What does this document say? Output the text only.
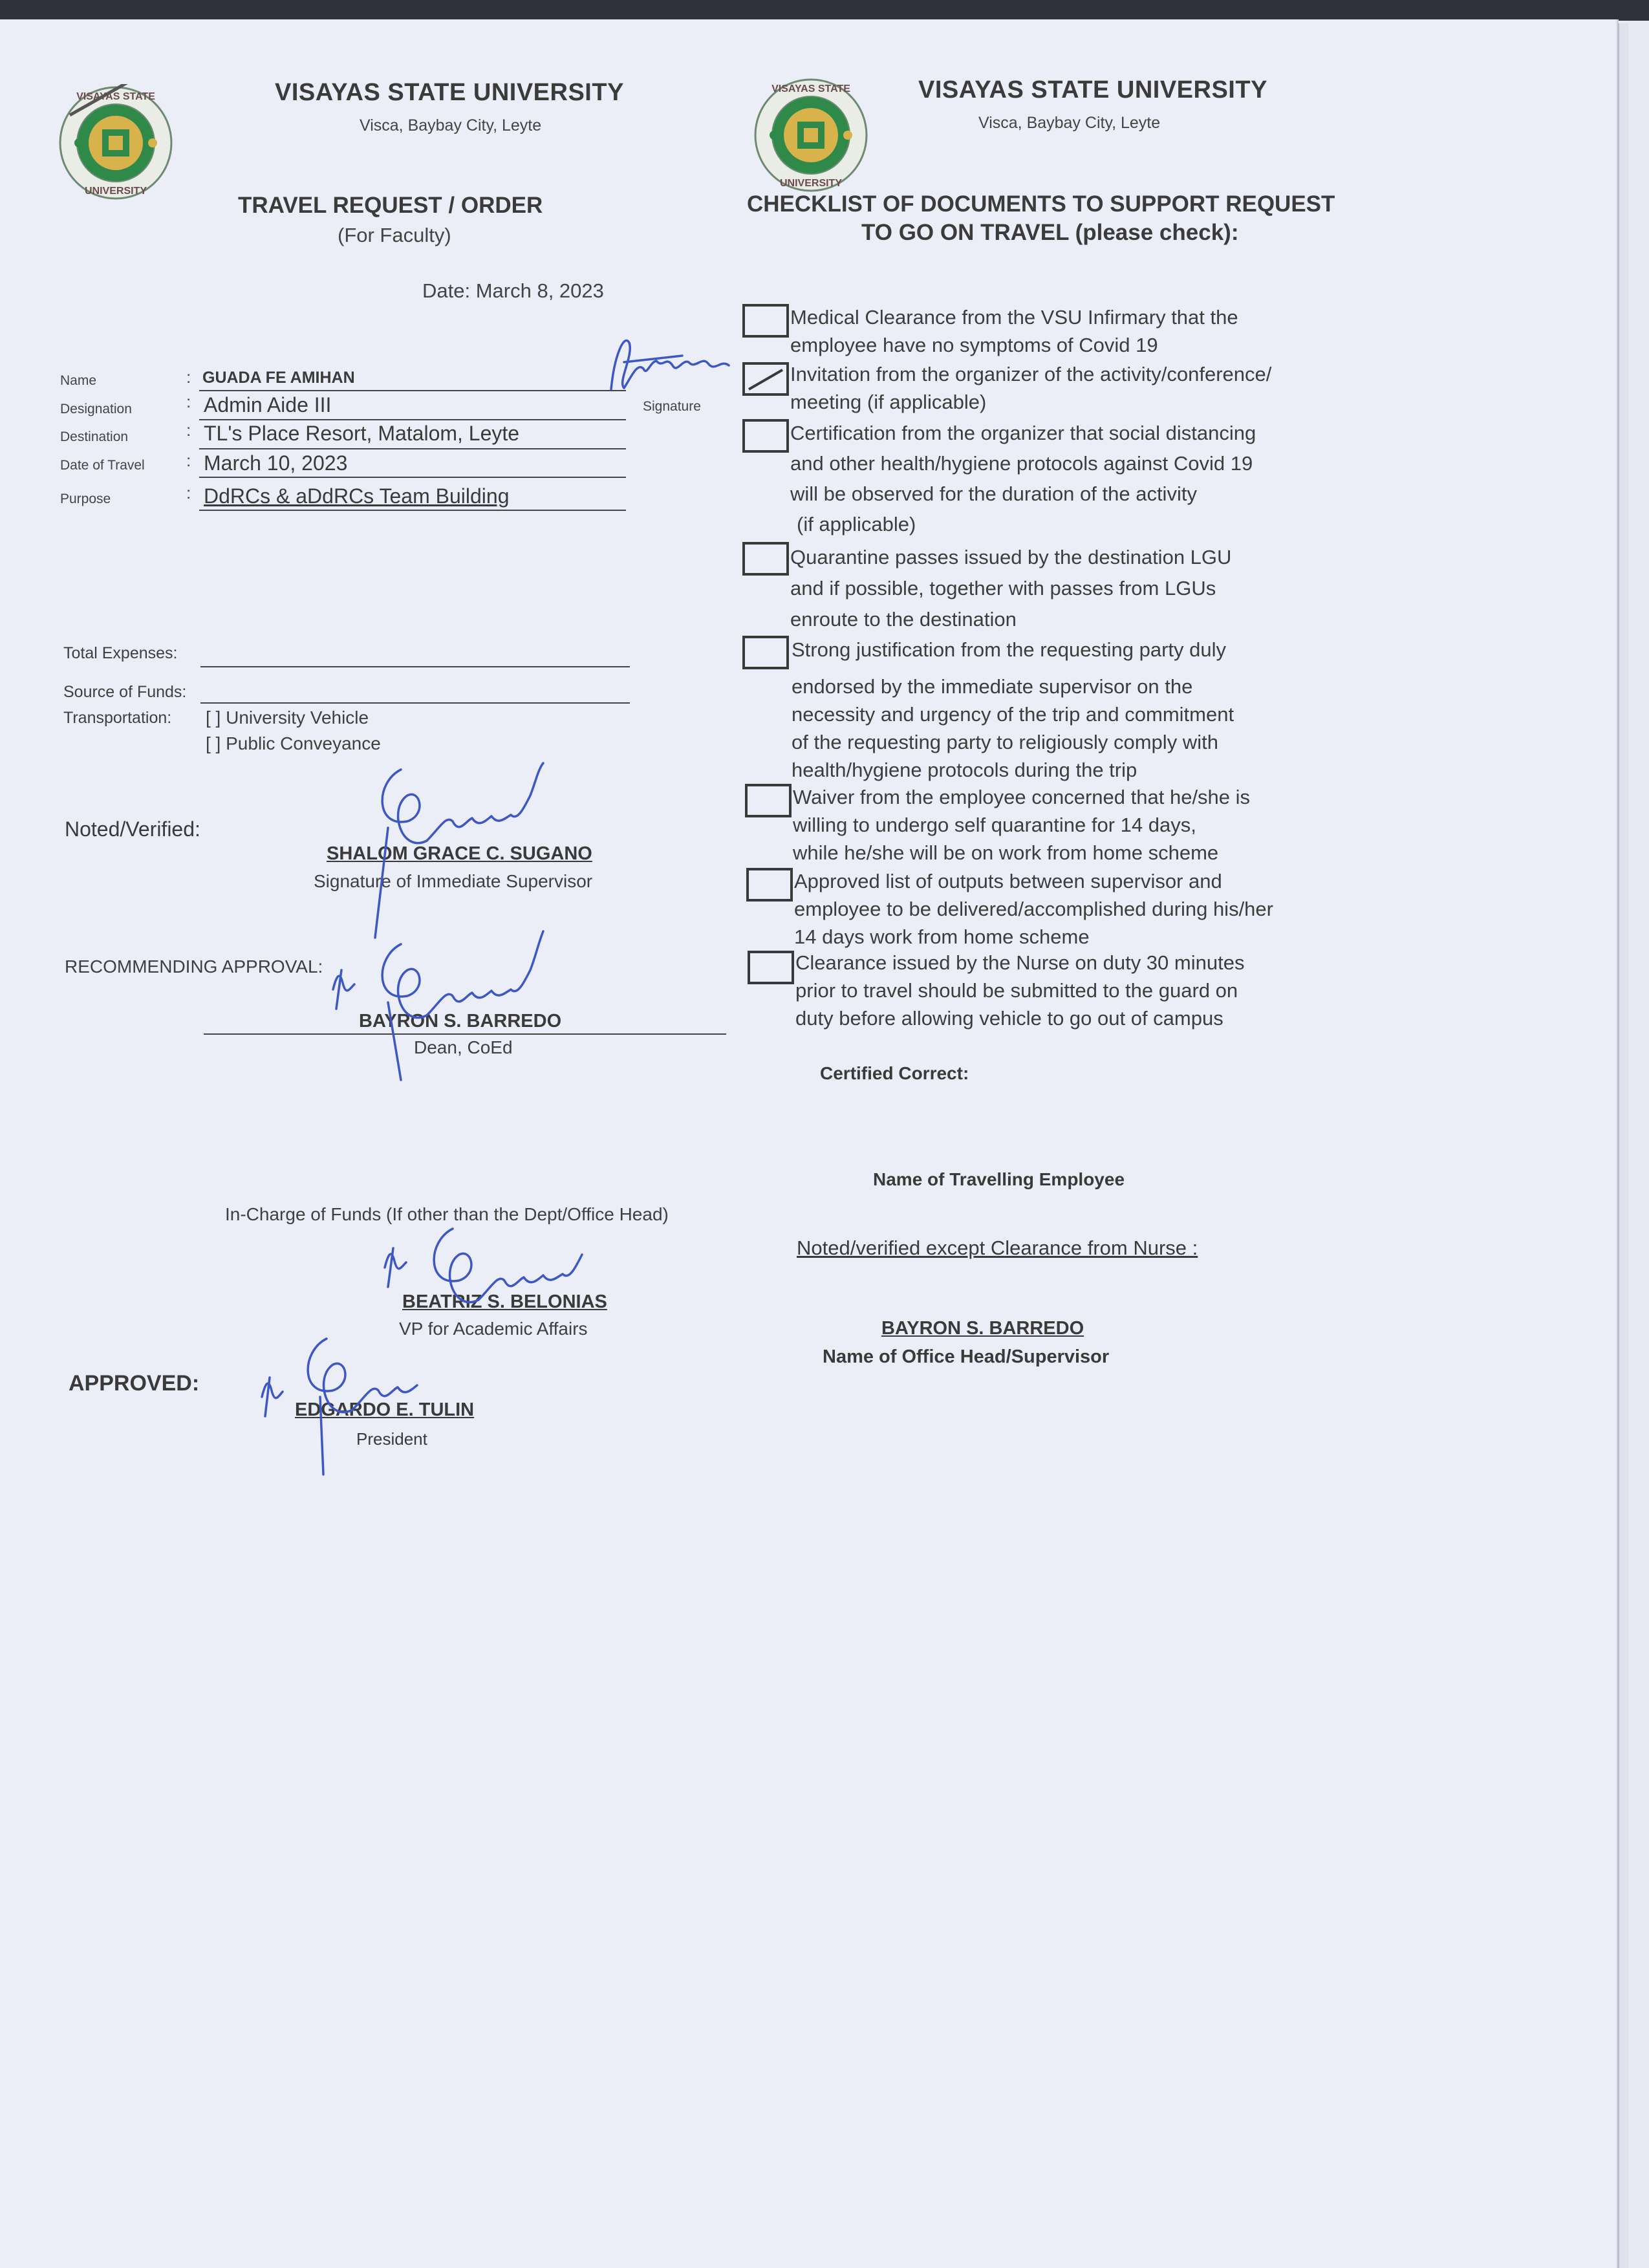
VISAYAS STATE
UNIVERSITY
VISAYAS STATE UNIVERSITY
Visca, Baybay City, Leyte
TRAVEL REQUEST / ORDER
(For Faculty)
Date: March 8, 2023
VISAYAS STATE
UNIVERSITY
VISAYAS STATE UNIVERSITY
Visca, Baybay City, Leyte
CHECKLIST OF DOCUMENTS TO SUPPORT REQUEST
TO GO ON TRAVEL (please check):
Name	: GUADA FE AMIHAN
Signature
Designation	: Admin Aide III
Destination	: TL's Place Resort, Matalom, Leyte
Date of Travel : March 10, 2023
Purpose	: DdRCs & aDdRCs Team Building
Total Expenses:
Source of Funds:
Transportation: [ ] University Vehicle
[ ] Public Conveyance
Noted/Verified:
SHALOM GRACE C. SUGANO
Signature of Immediate Supervisor
RECOMMENDING APPROVAL:
BAYRON S. BARREDO
Dean, CoEd
In-Charge of Funds (If other than the Dept/Office Head)
BEATRIZ S. BELONIAS
VP for Academic Affairs
APPROVED:
EDGARDO E. TULIN
President
Medical Clearance from the VSU Infirmary that the
employee have no symptoms of Covid 19
Invitation from the organizer of the activity/conference/
meeting (if applicable)
Certification from the organizer that social distancing
and other health/hygiene protocols against Covid 19
will be observed for the duration of the activity
(if applicable)
Quarantine passes issued by the destination LGU
and if possible, together with passes from LGUs
enroute to the destination
Strong justification from the requesting party duly
endorsed by the immediate supervisor on the
necessity and urgency of the trip and commitment
of the requesting party to religiously comply with
health/hygiene protocols during the trip
Waiver from the employee concerned that he/she is
willing to undergo self quarantine for 14 days,
while he/she will be on work from home scheme
Approved list of outputs between supervisor and
employee to be delivered/accomplished during his/her
14 days work from home scheme
Clearance issued by the Nurse on duty 30 minutes
prior to travel should be submitted to the guard on
duty before allowing vehicle to go out of campus
Certified Correct:
Name of Travelling Employee
Noted/verified except Clearance from Nurse :
BAYRON S. BARREDO
Name of Office Head/Supervisor
